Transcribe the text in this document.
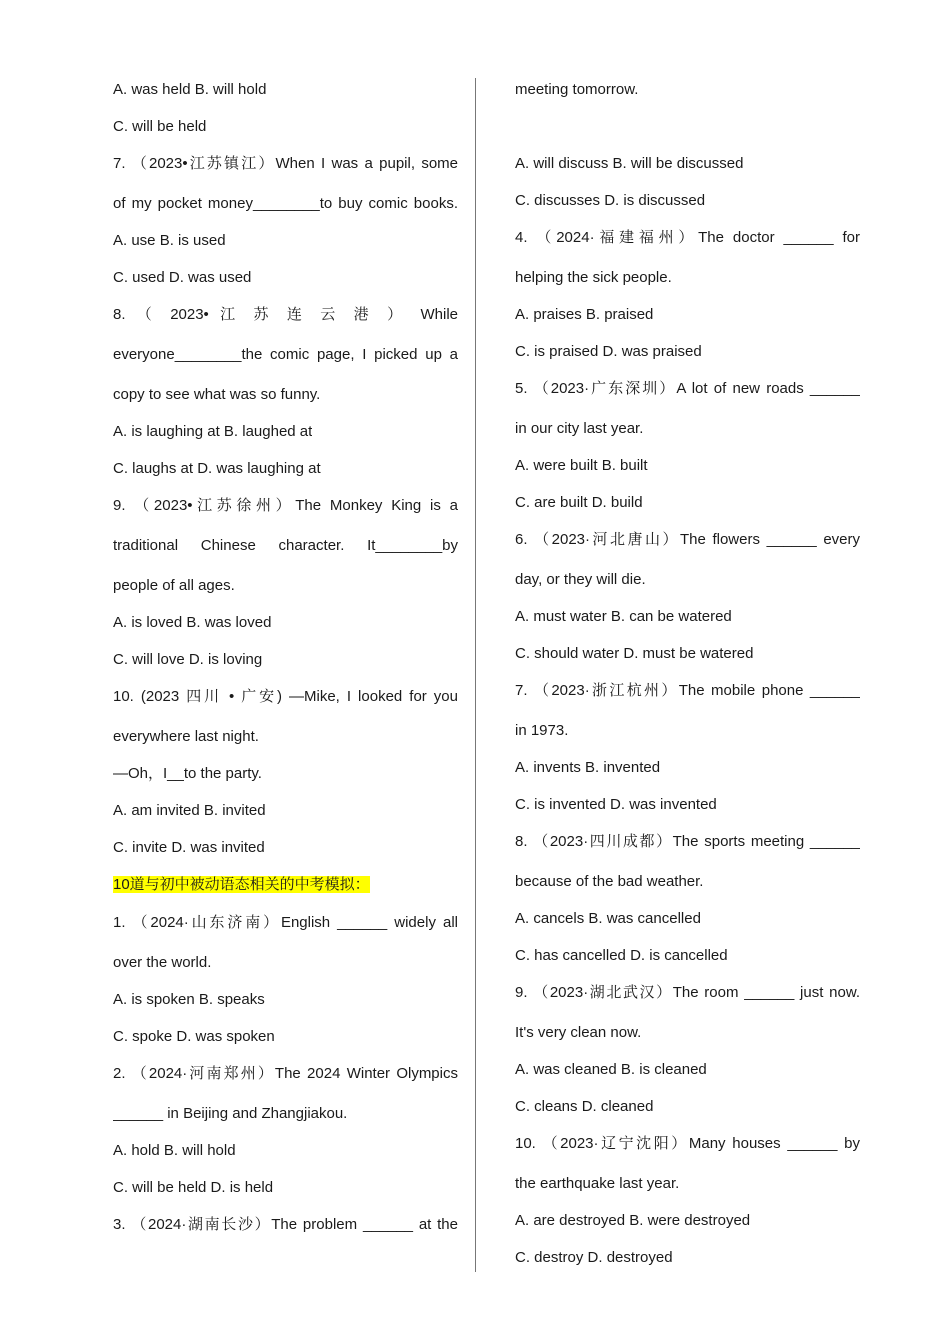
A. was held B. will hold
C. will be held
7. （2023•江苏镇江）When I was a pupil, some
of my pocket money________to buy comic books.
A. use B. is used
C. used D. was used
8. （ 2023• 江 苏 连 云 港 ） While
everyone________the comic page, I picked up a
copy to see what was so funny.
A. is laughing at B. laughed at
C. laughs at D. was laughing at
9. （2023•江苏徐州）The Monkey King is a
traditional Chinese character. It________by
people of all ages.
A. is loved B. was loved
C. will love D. is loving
10. (2023 四川 • 广安) —Mike, I looked for you
everywhere last night.
—Oh，I__to the party.
A. am invited B. invited
C. invite D. was invited
10道与初中被动语态相关的中考模拟：
1. （2024·山东济南）English ______ widely all
over the world.
A. is spoken B. speaks
C. spoke D. was spoken
2. （2024·河南郑州）The 2024 Winter Olympics
______ in Beijing and Zhangjiakou.
A. hold B. will hold
C. will be held D. is held
3. （2024·湖南长沙）The problem ______ at the
meeting tomorrow.
A. will discuss B. will be discussed
C. discusses D. is discussed
4. （2024·福建福州）The doctor ______ for
helping the sick people.
A. praises B. praised
C. is praised D. was praised
5. （2023·广东深圳）A lot of new roads ______
in our city last year.
A. were built B. built
C. are built D. build
6. （2023·河北唐山）The flowers ______ every
day, or they will die.
A. must water B. can be watered
C. should water D. must be watered
7. （2023·浙江杭州）The mobile phone ______
in 1973.
A. invents B. invented
C. is invented D. was invented
8. （2023·四川成都）The sports meeting ______
because of the bad weather.
A. cancels B. was cancelled
C. has cancelled D. is cancelled
9. （2023·湖北武汉）The room ______ just now.
It's very clean now.
A. was cleaned B. is cleaned
C. cleans D. cleaned
10. （2023·辽宁沈阳）Many houses ______ by
the earthquake last year.
A. are destroyed B. were destroyed
C. destroy D. destroyed
